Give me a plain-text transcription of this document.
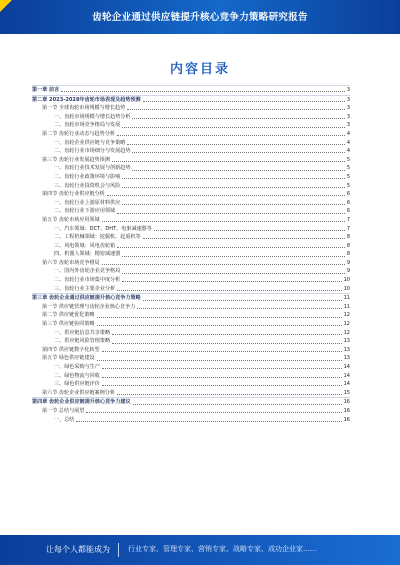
齿轮企业通过供应链提升核心竞争力策略研究报告
内容目录
第一章 前言	3
第二章 2023-2028年齿轮市场表现及趋势预测	3
第一节 全球齿轮市场规模与增长趋势	3
一、齿轮市场规模与增长趋势分析	3
二、齿轮市场竞争格局与发展	3
第二节 齿轮行业动态与趋势分析	4
一、齿轮企业供应链与竞争策略	4
二、齿轮行业市场细分与发展趋势	4
第三节 齿轮行业发展趋势预测	5
一、齿轮行业技术发展与创新趋势	5
二、齿轮行业政策环境与影响	5
三、齿轮行业投资机会与风险	5
第四节 齿轮行业供应链分析	6
一、齿轮行业上游原材料供应	6
二、齿轮行业下游应用领域	6
第五节 齿轮市场应用领域	7
一、汽车领域：DCT、DHT、电驱减速器等	7
二、工程机械领域：挖掘机、起重机等	8
三、风电领域：风电齿轮箱	8
四、机器人领域：精密减速器	8
第六节 齿轮市场竞争格局	9
一、国内外齿轮企业竞争格局	9
二、齿轮行业市场集中度分析	10
三、齿轮行业主要企业分析	10
第三章 齿轮企业通过供应链提升核心竞争力策略	11
第一节 供应链管理与齿轮企业核心竞争力	11
第二节 供应链优化策略	12
第三节 供应链协同策略	12
一、供应链信息共享策略	12
二、供应链风险管理策略	13
第四节 供应链数字化转型	13
第五节 绿色供应链建设	13
一、绿色采购与生产	14
二、绿色物流与回收	14
三、绿色供应链评价	14
第六节 齿轮企业供应链案例分析	15
第四章 齿轮企业供应链提升核心竞争力建议	16
第一节 总结与展望	16
一、总结	16
让每个人都能成为	行业专家、管理专家、营销专家、战略专家、成功企业家……
